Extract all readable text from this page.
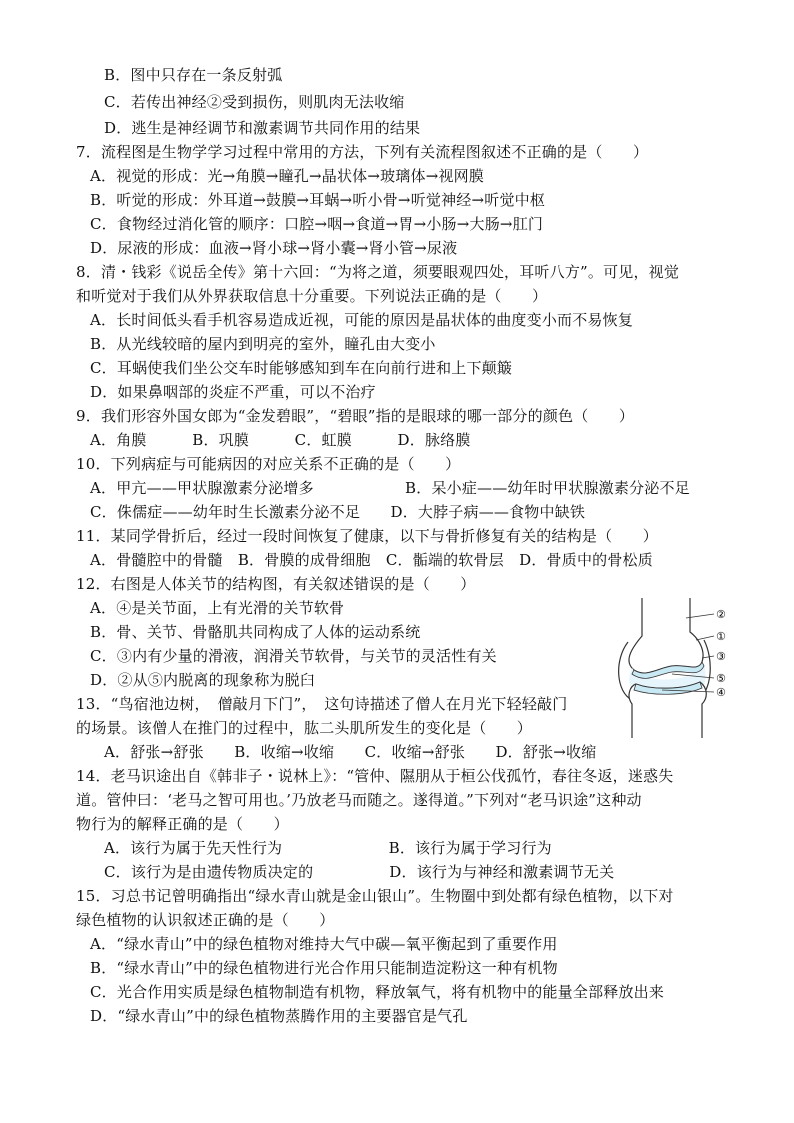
B．图中只存在一条反射弧
C．若传出神经②受到损伤，则肌肉无法收缩
D．逃生是神经调节和激素调节共同作用的结果
7．流程图是生物学学习过程中常用的方法，下列有关流程图叙述不正确的是（　　）
A．视觉的形成：光→角膜→瞳孔→晶状体→玻璃体→视网膜
B．听觉的形成：外耳道→鼓膜→耳蜗→听小骨→听觉神经→听觉中枢
C．食物经过消化管的顺序：口腔→咽→食道→胃→小肠→大肠→肛门
D．尿液的形成：血液→肾小球→肾小囊→肾小管→尿液
8．清・钱彩《说岳全传》第十六回：“为将之道，须要眼观四处，耳听八方”。可见，视觉
和听觉对于我们从外界获取信息十分重要。下列说法正确的是（　　）
A．长时间低头看手机容易造成近视，可能的原因是晶状体的曲度变小而不易恢复
B．从光线较暗的屋内到明亮的室外，瞳孔由大变小
C．耳蜗使我们坐公交车时能够感知到车在向前行进和上下颠簸
D．如果鼻咽部的炎症不严重，可以不治疗
9．我们形容外国女郎为“金发碧眼”，“碧眼”指的是眼球的哪一部分的颜色（　　）
A．角膜　　　B．巩膜　　　C．虹膜　　　D．脉络膜
10．下列病症与可能病因的对应关系不正确的是（　　）
A．甲亢——甲状腺激素分泌增多　　　　　　B．呆小症——幼年时甲状腺激素分泌不足
C．侏儒症——幼年时生长激素分泌不足　　D．大脖子病——食物中缺铁
11．某同学骨折后，经过一段时间恢复了健康，以下与骨折修复有关的结构是（　　）
A．骨髓腔中的骨髓　B．骨膜的成骨细胞　C．骺端的软骨层　D．骨质中的骨松质
12．右图是人体关节的结构图，有关叙述错误的是（　　）
A．④是关节面，上有光滑的关节软骨
B．骨、关节、骨骼肌共同构成了人体的运动系统
C．③内有少量的滑液，润滑关节软骨，与关节的灵活性有关
D．②从⑤内脱离的现象称为脱臼
13．“鸟宿池边树，　僧敲月下门”，　这句诗描述了僧人在月光下轻轻敲门
的场景。该僧人在推门的过程中，肱二头肌所发生的变化是（　　）
A．舒张→舒张　　B．收缩→收缩　　C．收缩→舒张　　D．舒张→收缩
14．老马识途出自《韩非子・说林上》：“管仲、隰朋从于桓公伐孤竹，春往冬返，迷惑失
道。管仲曰：‘老马之智可用也。’乃放老马而随之。遂得道。”下列对“老马识途”这种动
物行为的解释正确的是（　　）
A．该行为属于先天性行为　　　　　　　B．该行为属于学习行为
C．该行为是由遗传物质决定的　　　　　D．该行为与神经和激素调节无关
15．习总书记曾明确指出“绿水青山就是金山银山”。生物圈中到处都有绿色植物，以下对
绿色植物的认识叙述正确的是（　　）
A．“绿水青山”中的绿色植物对维持大气中碳—氧平衡起到了重要作用
B．“绿水青山”中的绿色植物进行光合作用只能制造淀粉这一种有机物
C．光合作用实质是绿色植物制造有机物，释放氧气，将有机物中的能量全部释放出来
D．“绿水青山”中的绿色植物蒸腾作用的主要器官是气孔
②
①
③
⑤
④
